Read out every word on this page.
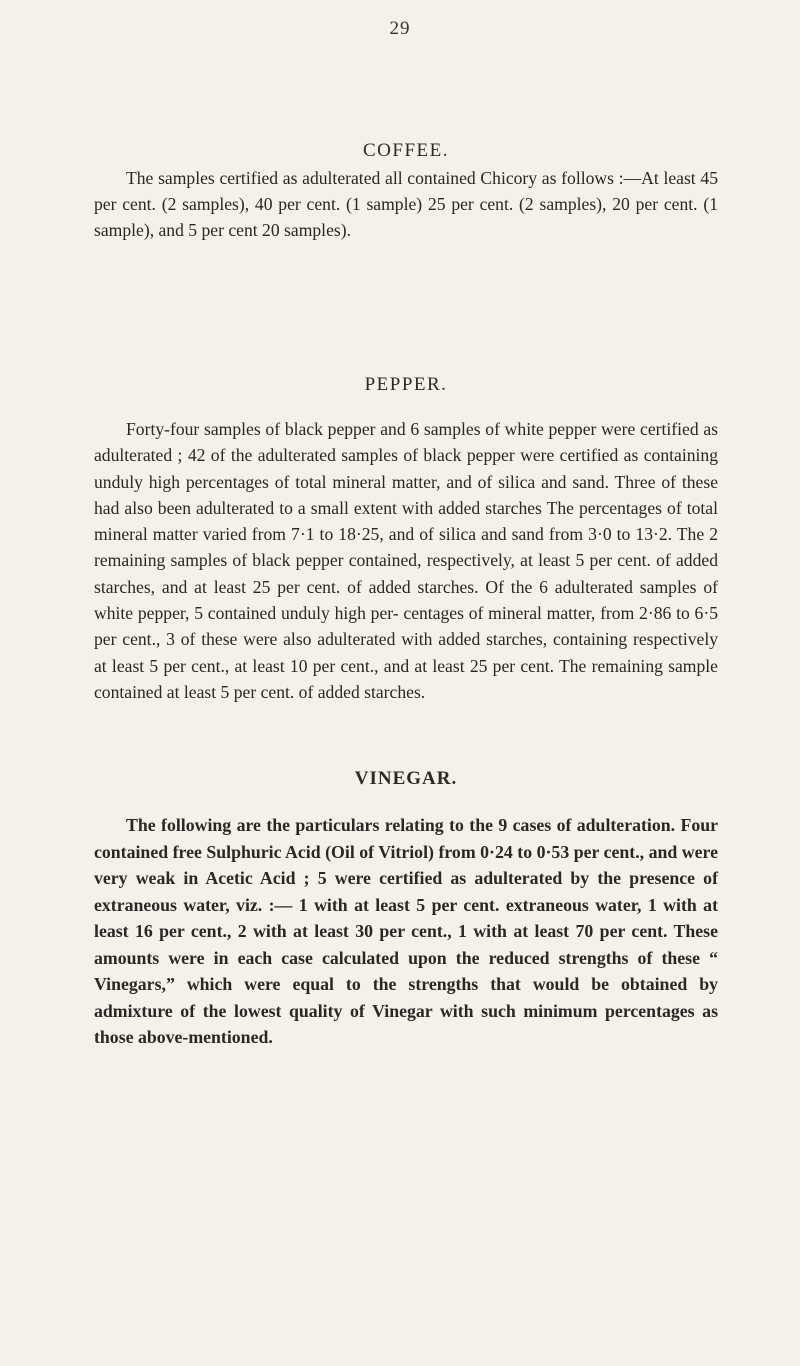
29
COFFEE.

The samples certified as adulterated all contained Chicory as follows :—At least 45 per cent. (2 samples), 40 per cent. (1 sample) 25 per cent. (2 samples), 20 per cent. (1 sample), and 5 per cent 20 samples).

PEPPER.

Forty-four samples of black pepper and 6 samples of white pepper were certified as adulterated ; 42 of the adulterated samples of black pepper were certified as containing unduly high percentages of total mineral matter, and of silica and sand. Three of these had also been adulterated to a small extent with added starches The percentages of total mineral matter varied from 7·1 to 18·25, and of silica and sand from 3·0 to 13·2. The 2 remaining samples of black pepper contained, respectively, at least 5 per cent. of added starches, and at least 25 per cent. of added starches. Of the 6 adulterated samples of white pepper, 5 contained unduly high per- centages of mineral matter, from 2·86 to 6·5 per cent., 3 of these were also adulterated with added starches, containing respectively at least 5 per cent., at least 10 per cent., and at least 25 per cent. The remaining sample contained at least 5 per cent. of added starches.

VINEGAR.

The following are the particulars relating to the 9 cases of adulteration. Four contained free Sulphuric Acid (Oil of Vitriol) from 0·24 to 0·53 per cent., and were very weak in Acetic Acid ; 5 were certified as adulterated by the presence of extraneous water, viz. :— 1 with at least 5 per cent. extraneous water, 1 with at least 16 per cent., 2 with at least 30 per cent., 1 with at least 70 per cent. These amounts were in each case calculated upon the reduced strengths of these “ Vinegars,” which were equal to the strengths that would be obtained by admixture of the lowest quality of Vinegar with such minimum percentages as those above-mentioned.
